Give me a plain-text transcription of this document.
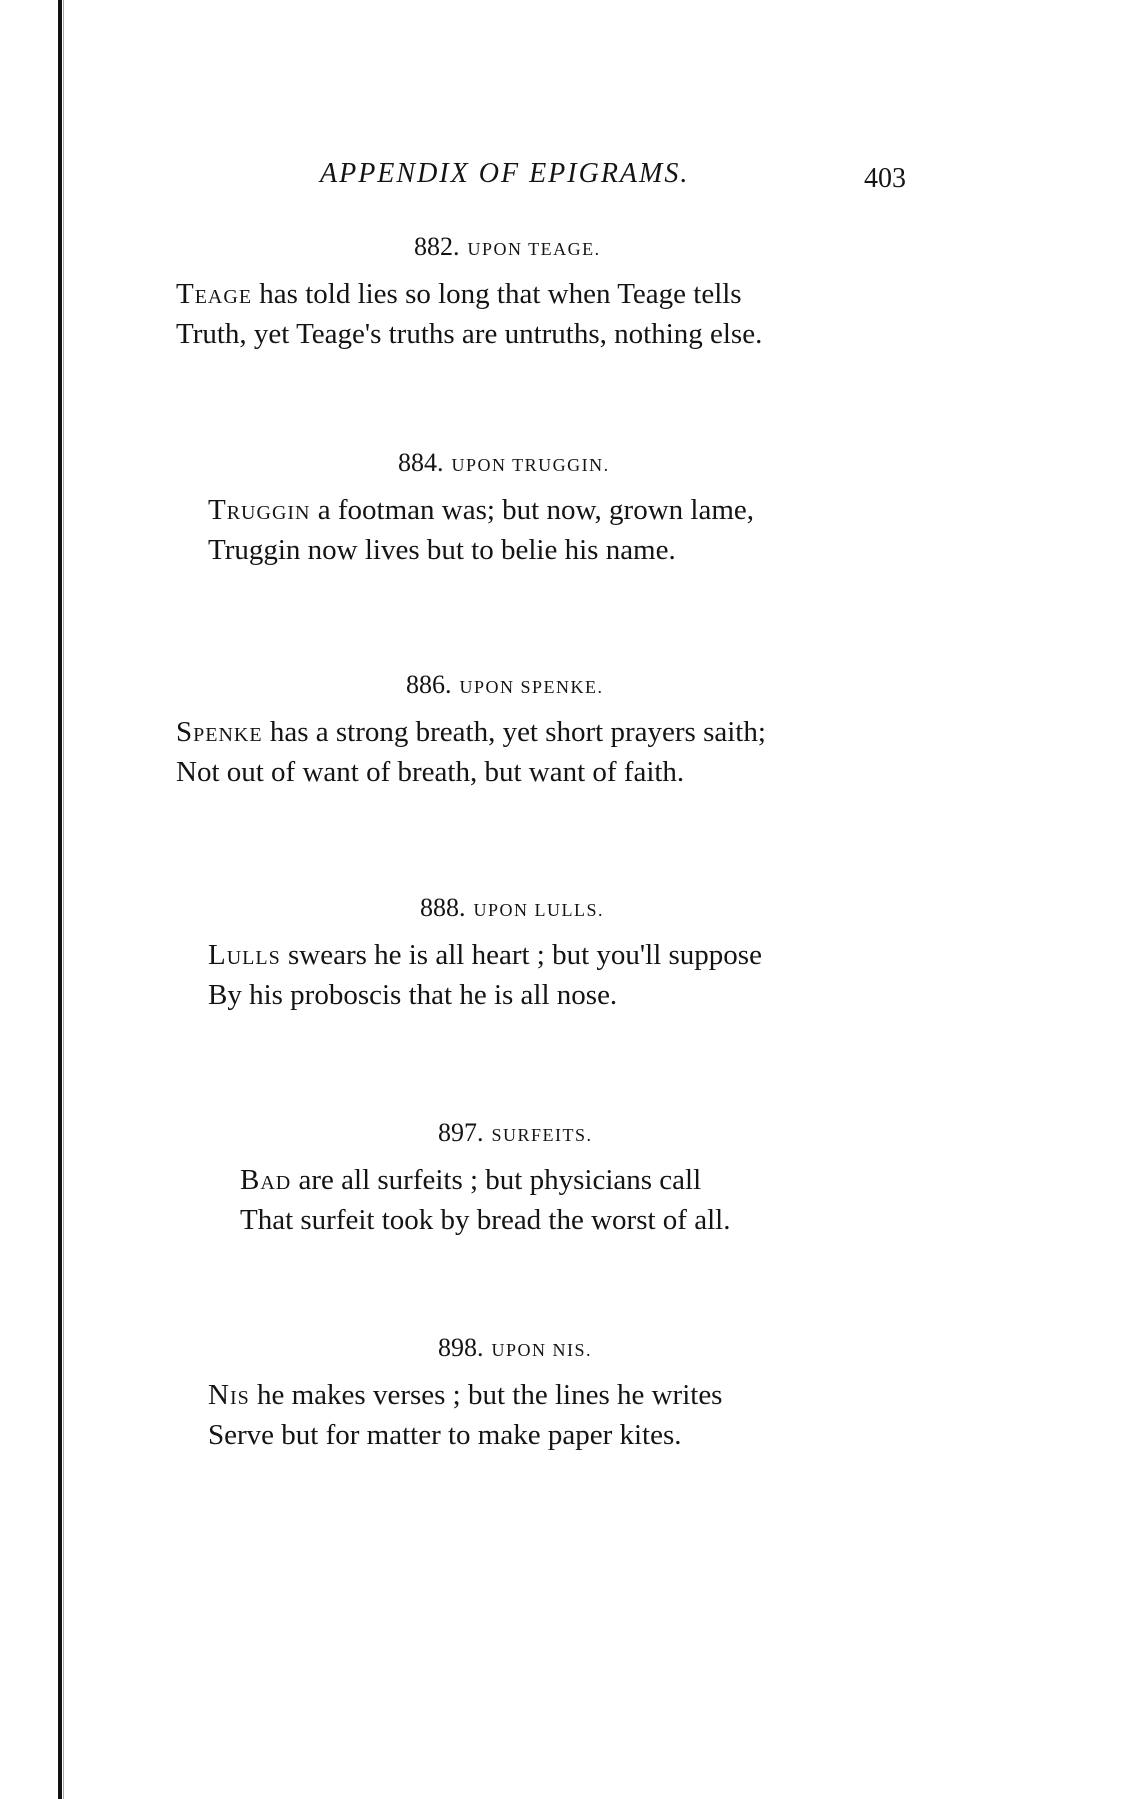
APPENDIX OF EPIGRAMS.	403
882. UPON TEAGE.
Teage has told lies so long that when Teage tells
Truth, yet Teage's truths are untruths, nothing else.
884. UPON TRUGGIN.
Truggin a footman was; but now, grown lame,
Truggin now lives but to belie his name.
886. UPON SPENKE.
Spenke has a strong breath, yet short prayers saith;
Not out of want of breath, but want of faith.
888. UPON LULLS.
Lulls swears he is all heart ; but you'll suppose
By his proboscis that he is all nose.
897. SURFEITS.
Bad are all surfeits ; but physicians call
That surfeit took by bread the worst of all.
898. UPON NIS.
Nis he makes verses ; but the lines he writes
Serve but for matter to make paper kites.
